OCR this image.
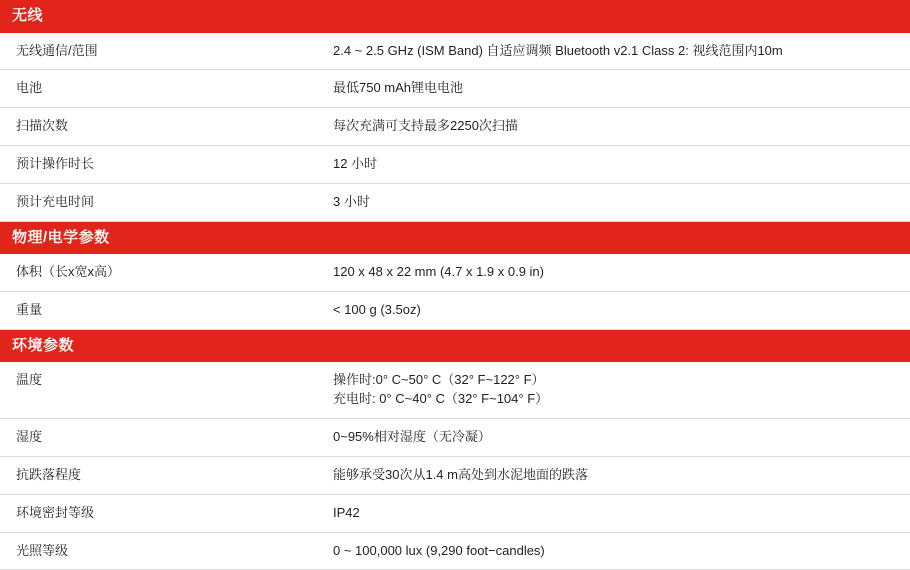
无线	
无线通信/范围	2.4 ~ 2.5 GHz (ISM Band) 自适应调频 Bluetooth v2.1 Class 2: 视线范围内10m

电池	最低750 mAh锂电电池

扫描次数	每次充满可支持最多2250次扫描

预计操作时长	12 小时

预计充电时间	3 小时

物理/电学参数	
体积（长x宽x高）	120 x 48 x 22 mm (4.7 x 1.9 x 0.9 in)

重量	< 100 g (3.5oz)

环境参数	
温度	操作时:0° C~50° C（32° F~122° F）
充电时: 0° C~40° C（32° F~104° F）

湿度	0~95%相对湿度（无冷凝）

抗跌落程度	能够承受30次从1.4 m高处到水泥地面的跌落

环境密封等级	IP42

光照等级	0 ~ 100,000 lux (9,290 foot−candles)
